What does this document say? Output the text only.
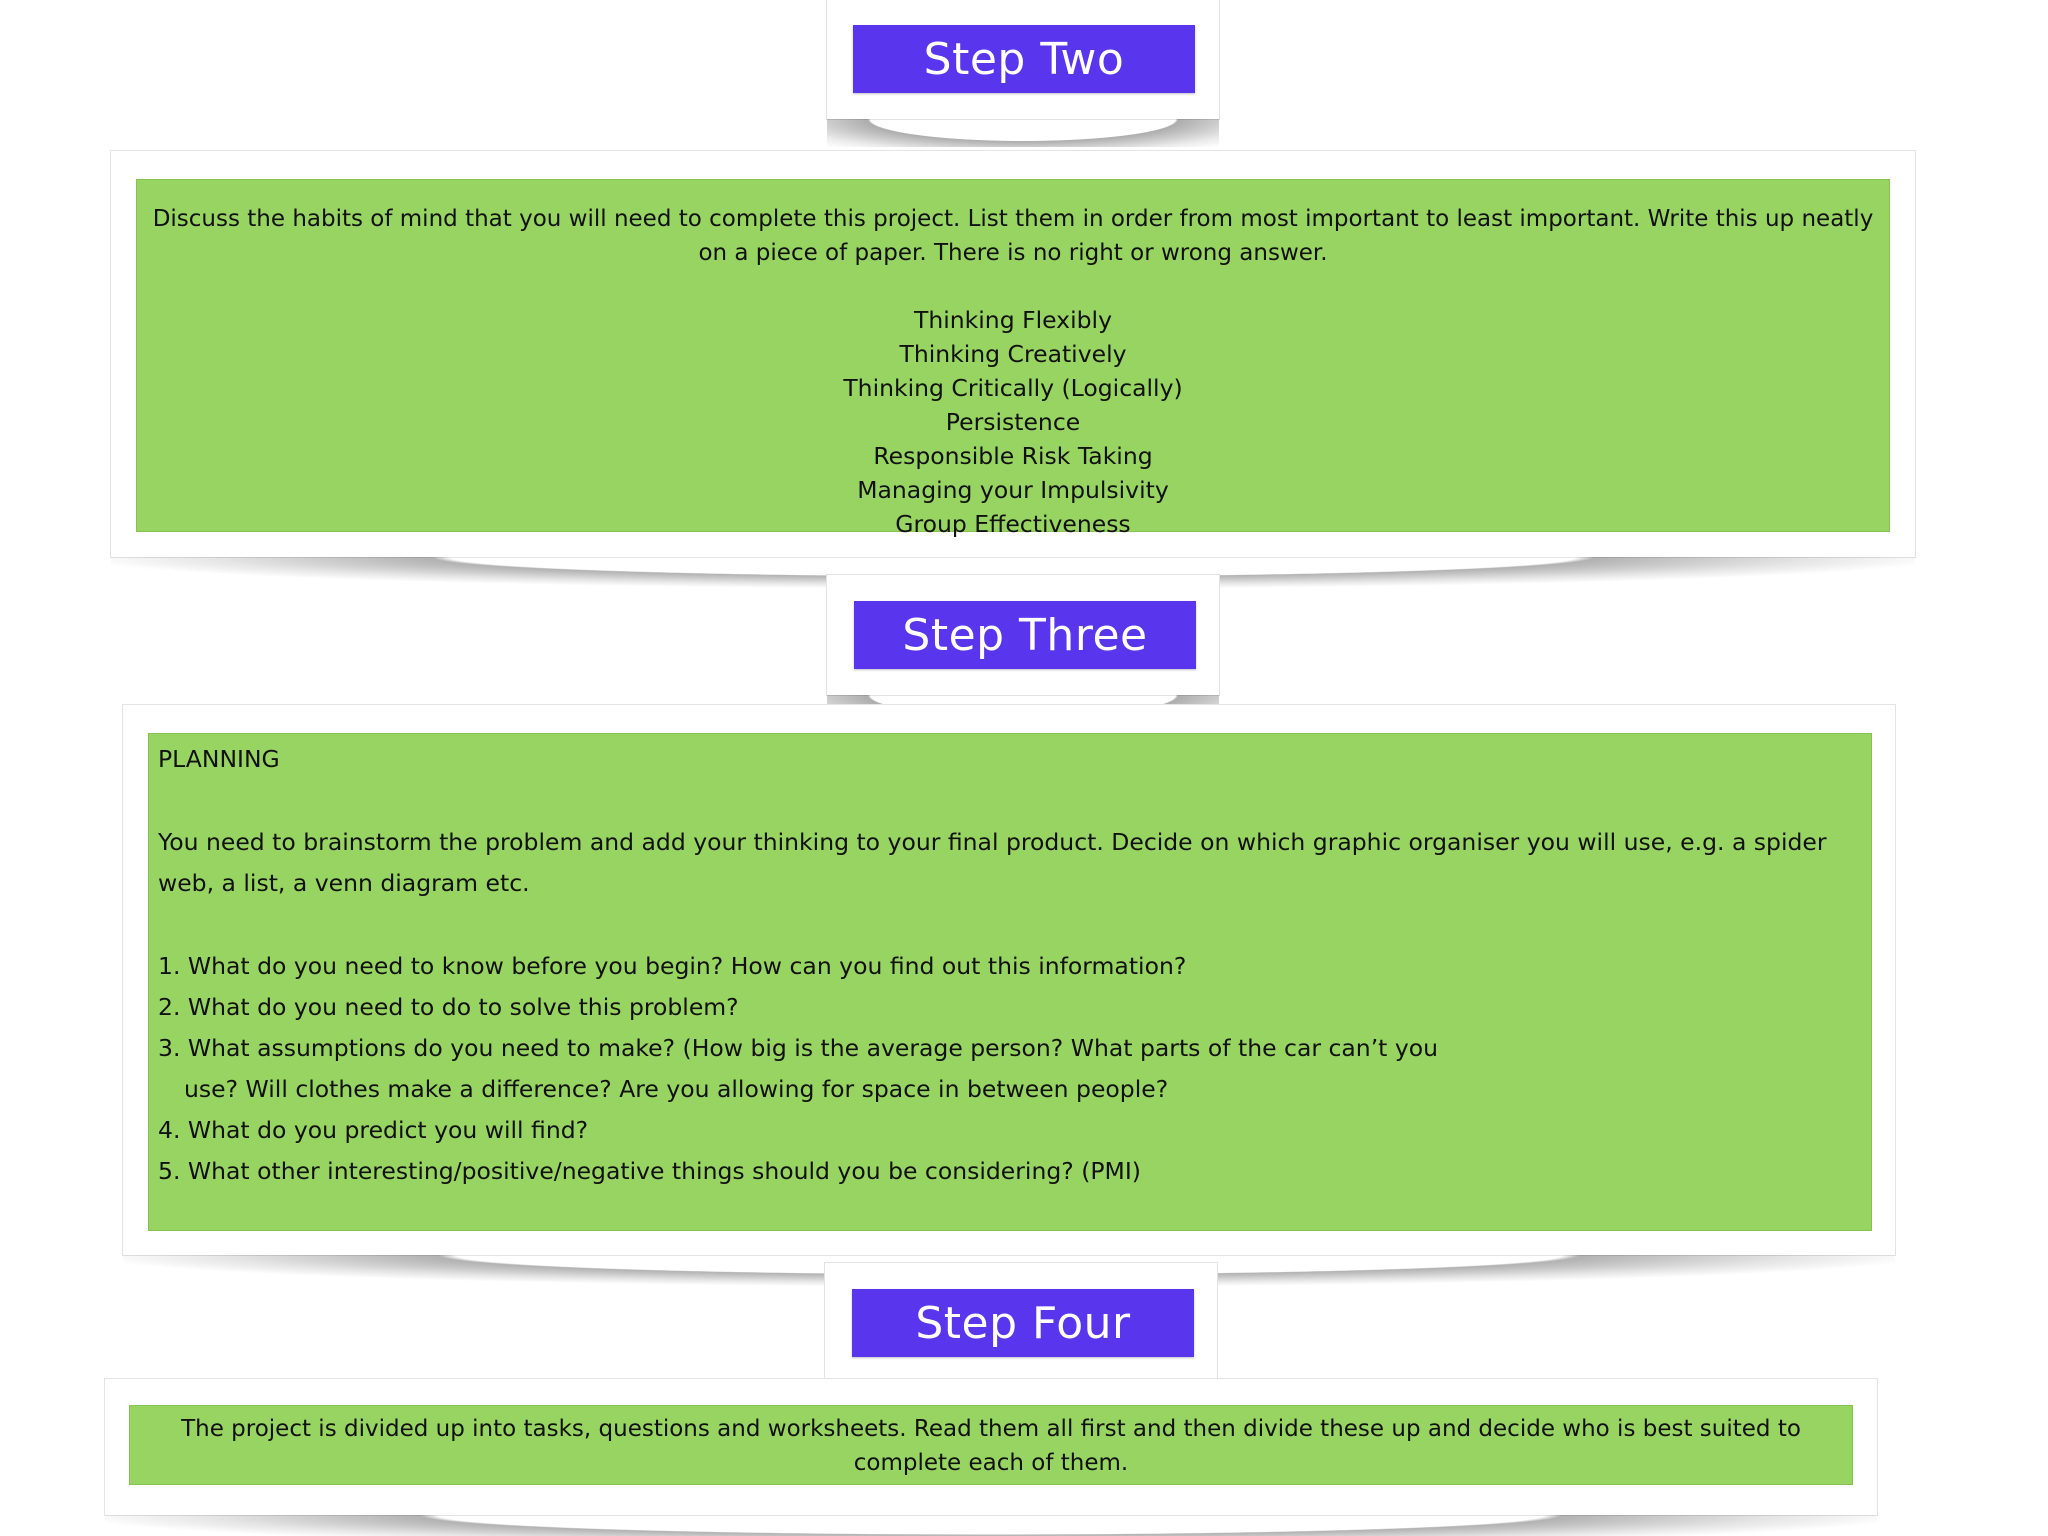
Step Two
Discuss the habits of mind that you will need to complete this project. List them in order from most important to least important. Write this up neatly on a piece of paper. There is no right or wrong answer.
Thinking Flexibly
Thinking Creatively
Thinking Critically (Logically)
Persistence
Responsible Risk Taking
Managing your Impulsivity
Group Effectiveness
Step Three
PLANNING
You need to brainstorm the problem and add your thinking to your final product. Decide on which graphic organiser you will use, e.g. a spider web, a list, a venn diagram etc.
1. What do you need to know before you begin? How can you find out this information?
2. What do you need to do to solve this problem?
3. What assumptions do you need to make? (How big is the average person? What parts of the car can’t you
use? Will clothes make a difference? Are you allowing for space in between people?
4. What do you predict you will find?
5. What other interesting/positive/negative things should you be considering? (PMI)
Step Four
The project is divided up into tasks, questions and worksheets. Read them all first and then divide these up and decide who is best suited to complete each of them.
